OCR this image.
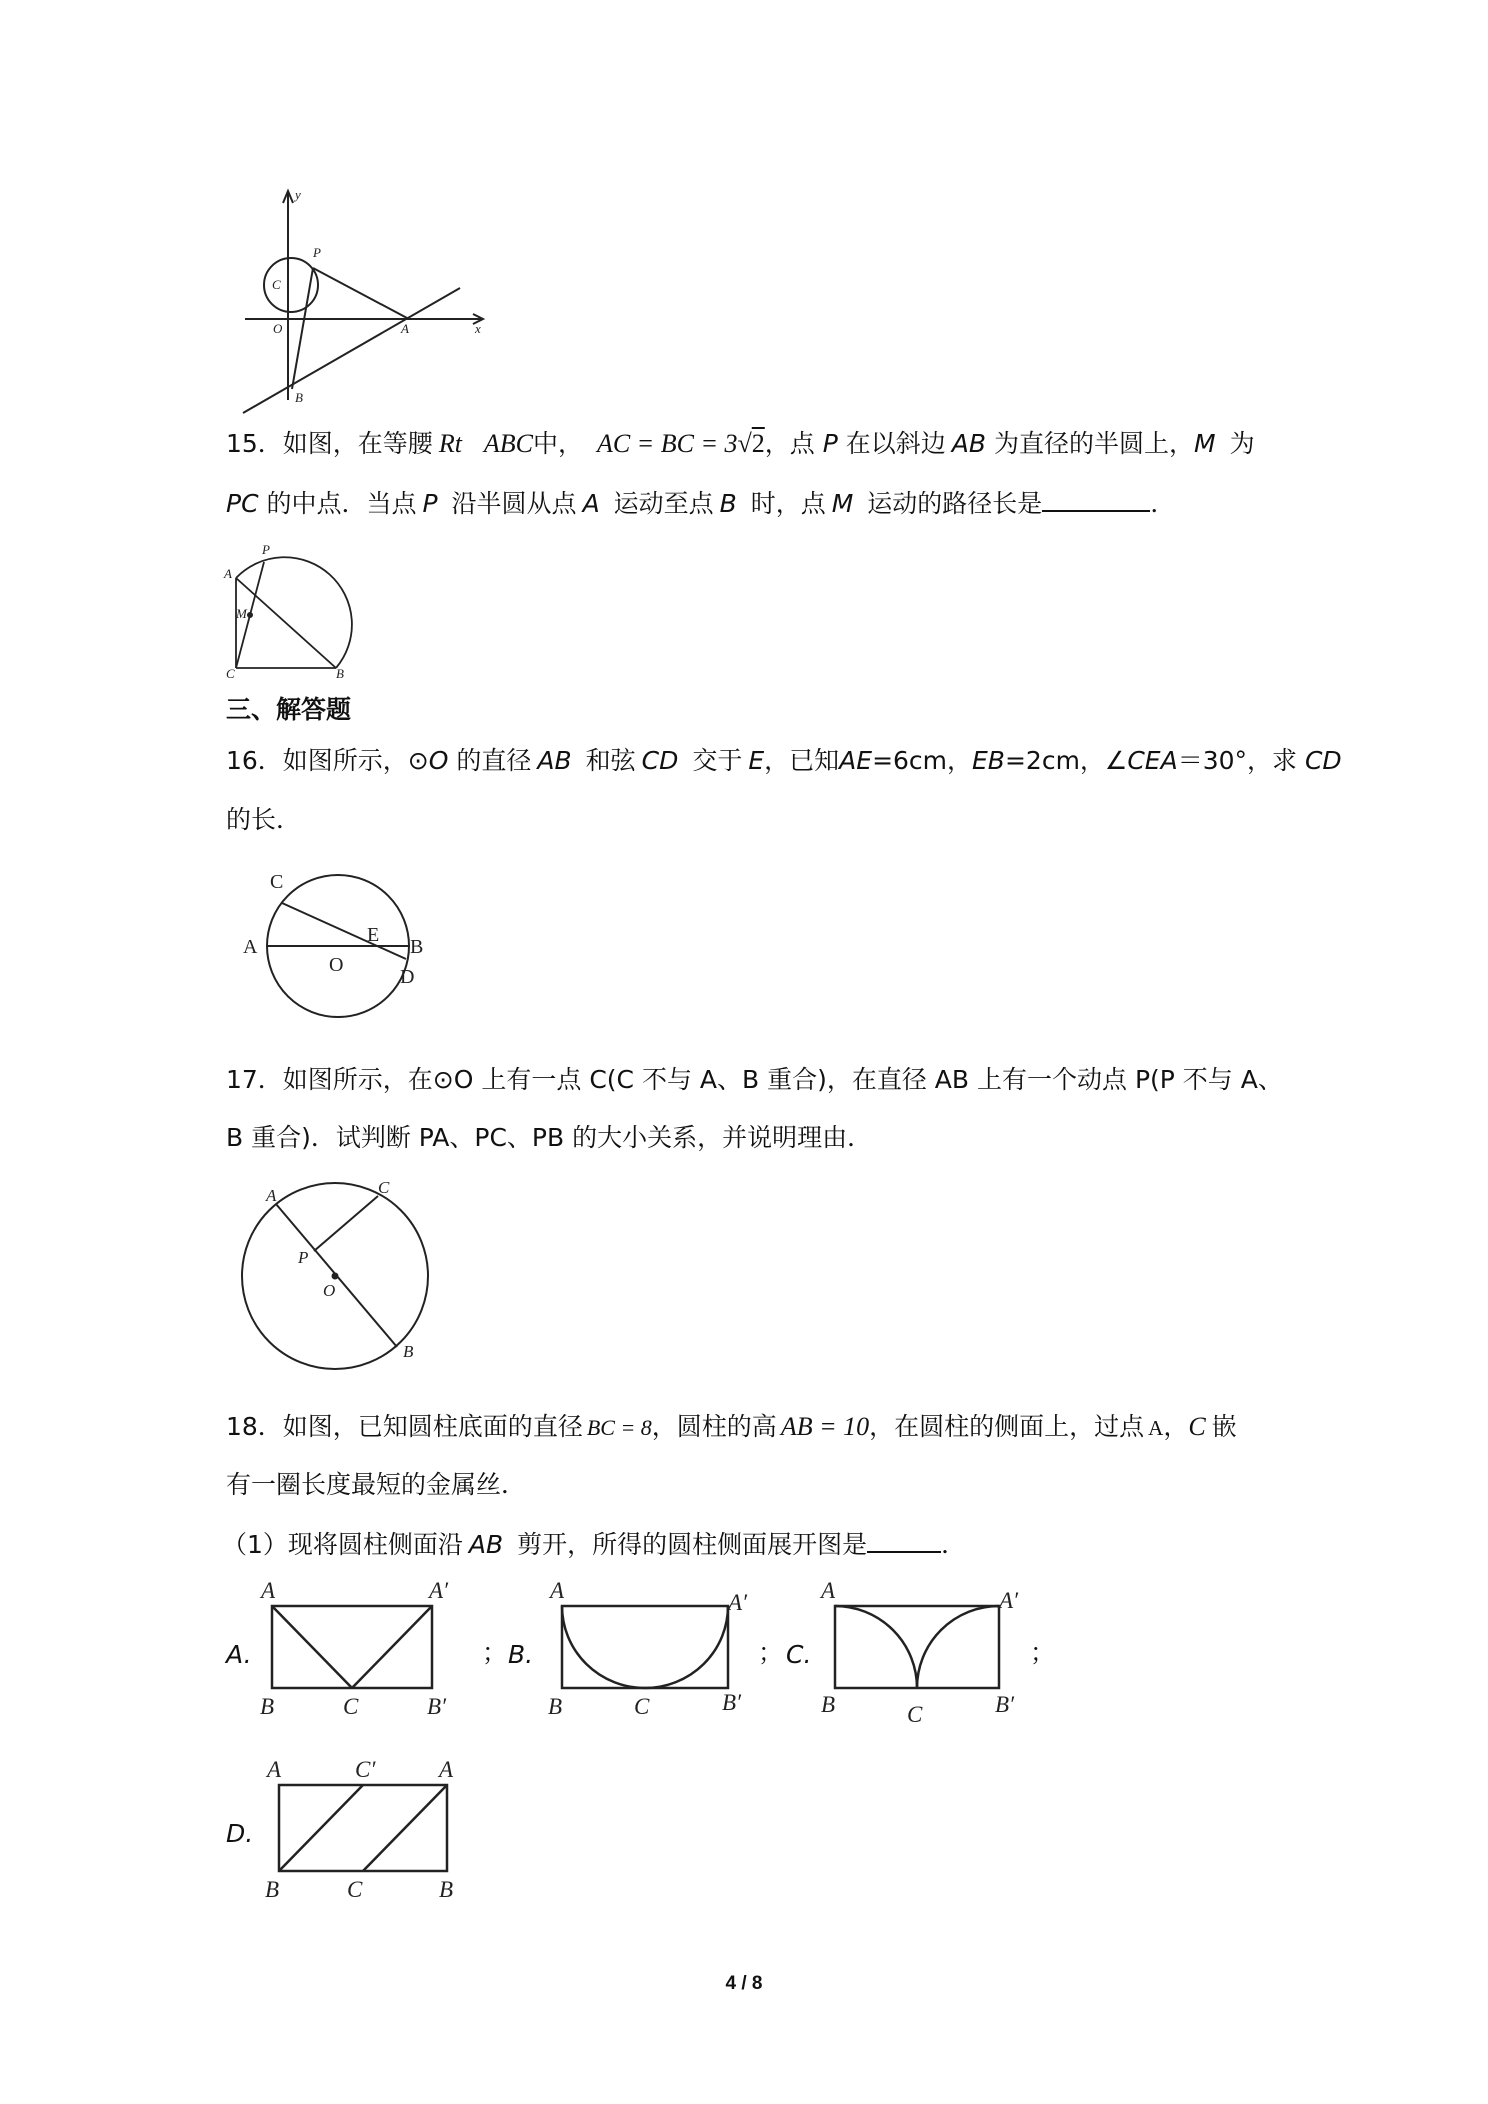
y
x
P
C
O	A
B
15．如图，在等腰 Rt ABC中， AC = BC = 3√2，点 P 在以斜边 AB 为直径的半圆上，M 为
PC 的中点．当点 P 沿半圆从点 A 运动至点 B 时，点 M 运动的路径长是	．
P
A
M
C	B
三、解答题
16．如图所示，⊙O 的直径 AB 和弦 CD 交于 E，已知AE=6cm，EB=2cm，∠CEA＝30°，求 CD
的长．
C
A
E
B
O
D
17．如图所示，在⊙O 上有一点 C(C 不与 A、B 重合)，在直径 AB 上有一个动点 P(P 不与 A、
B 重合)．试判断 PA、PC、PB 的大小关系，并说明理由．
A	C
P
O
B
18．如图，已知圆柱底面的直径 BC = 8，圆柱的高 AB = 10，在圆柱的侧面上，过点 A，C 嵌
有一圈长度最短的金属丝．
（1）现将圆柱侧面沿 AB 剪开，所得的圆柱侧面展开图是	．
A.
A	A′
B	C	B′
； B.
A	A′
B	C	B′
； C.
A	A′
B	C	B′
；
D.
A	C′	A
B	C	B
4 / 8
